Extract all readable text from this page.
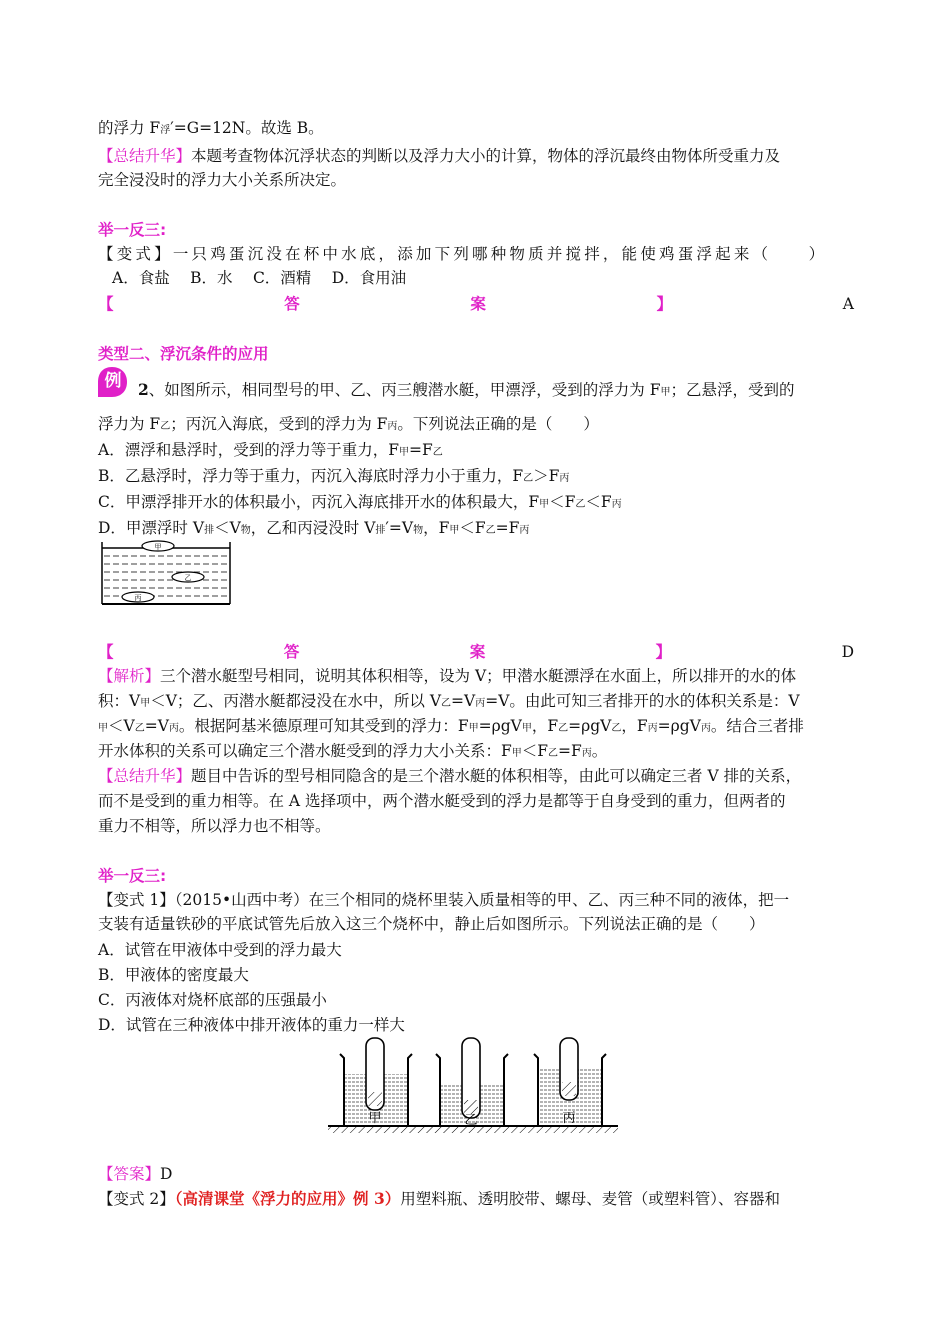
的浮力 F浮′=G=12N。故选 B。
【总结升华】本题考查物体沉浮状态的判断以及浮力大小的计算，物体的浮沉最终由物体所受重力及
完全浸没时的浮力大小关系所决定。
举一反三:
【变式】一只鸡蛋沉没在杯中水底，添加下列哪种物质并搅拌，能使鸡蛋浮起来（　　）
A．食盐　 B．水　 C．酒精　 D．食用油
【	答	案	】	A
类型二、浮沉条件的应用
例 2、如图所示，相同型号的甲、乙、丙三艘潜水艇，甲漂浮，受到的浮力为 F甲；乙悬浮，受到的
浮力为 F乙；丙沉入海底，受到的浮力为 F丙。下列说法正确的是（　　）
A．漂浮和悬浮时，受到的浮力等于重力，F甲=F乙
B．乙悬浮时，浮力等于重力，丙沉入海底时浮力小于重力，F乙＞F丙
C．甲漂浮排开水的体积最小，丙沉入海底排开水的体积最大，F甲＜F乙＜F丙
D．甲漂浮时 V排＜V物，乙和丙浸没时 V排′=V物，F甲＜F乙=F丙
甲
乙
丙
【	答	案	】	D
【解析】三个潜水艇型号相同，说明其体积相等，设为 V；甲潜水艇漂浮在水面上，所以排开的水的体
积：V甲＜V；乙、丙潜水艇都浸没在水中，所以 V乙=V丙=V。由此可知三者排开的水的体积关系是：V
甲＜V乙=V丙。根据阿基米德原理可知其受到的浮力：F甲=ρgV甲，F乙=ρgV乙，F丙=ρgV丙。结合三者排
开水体积的关系可以确定三个潜水艇受到的浮力大小关系：F甲＜F乙=F丙。
【总结升华】题目中告诉的型号相同隐含的是三个潜水艇的体积相等，由此可以确定三者 V 排的关系，
而不是受到的重力相等。在 A 选择项中，两个潜水艇受到的浮力是都等于自身受到的重力，但两者的
重力不相等，所以浮力也不相等。
举一反三:
【变式 1】（2015•山西中考）在三个相同的烧杯里装入质量相等的甲、乙、丙三种不同的液体，把一
支装有适量铁砂的平底试管先后放入这三个烧杯中，静止后如图所示。下列说法正确的是（　　）
A．试管在甲液体中受到的浮力最大
B．甲液体的密度最大
C．丙液体对烧杯底部的压强最小
D．试管在三种液体中排开液体的重力一样大
甲	乙	丙
【答案】D
【变式 2】（高清课堂《浮力的应用》例 3）用塑料瓶、透明胶带、螺母、麦管（或塑料管）、容器和
